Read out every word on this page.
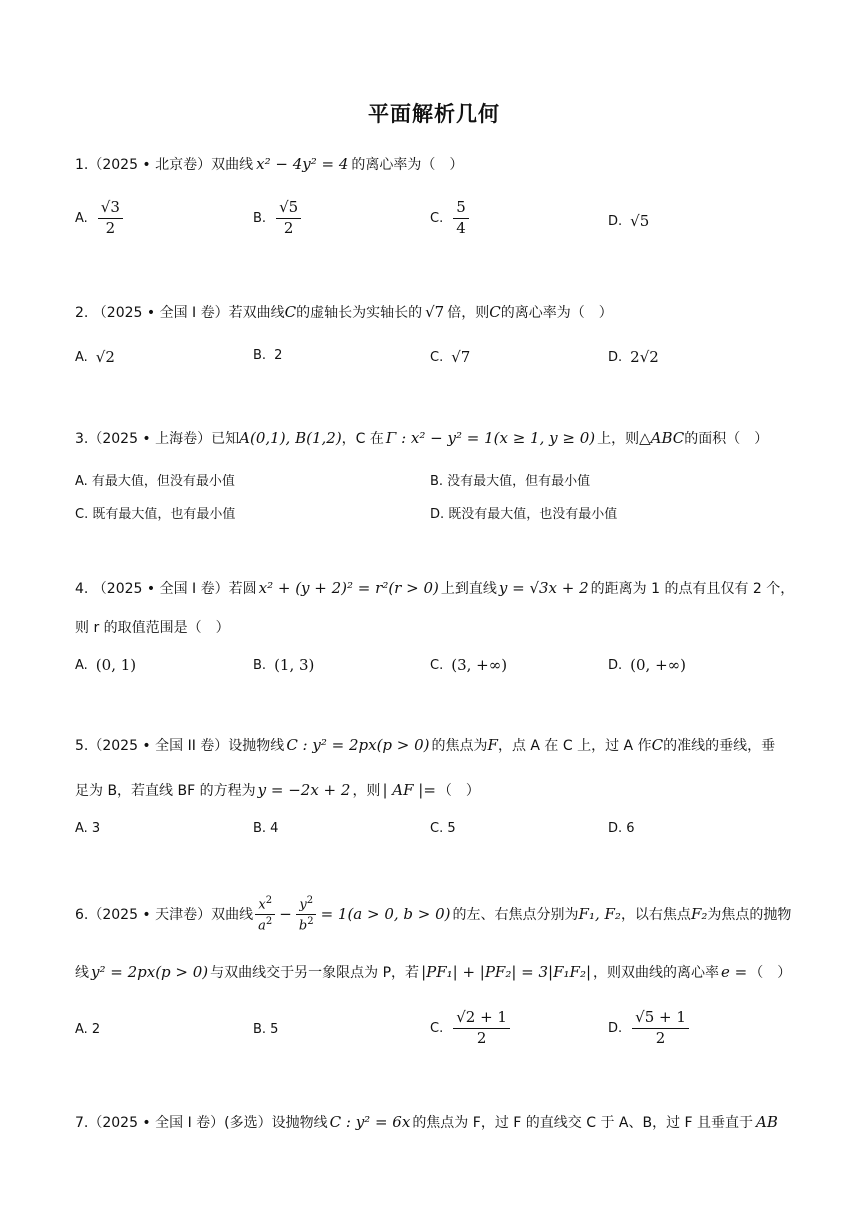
平面解析几何
1.（2025 • 北京卷）双曲线 x² − 4y² = 4 的离心率为（　）
A. $\frac{√3}{2}$	B. $\frac{√5}{2}$	C. $\frac{5}{4}$	D. √5
2. （2025 • 全国 I 卷）若双曲线 C 的虚轴长为实轴长的 √7 倍，则 C 的离心率为（　）
A. √2	B. 2	C. √7	D. 2√2
3.（2025 • 上海卷）已知 A(0,1), B(1,2) ，C 在 Γ : x² − y² = 1(x ≥ 1, y ≥ 0) 上，则 △ABC 的面积（　）
A. 有最大值，但没有最小值	B. 没有最大值，但有最小值
C. 既有最大值，也有最小值	D. 既没有最大值，也没有最小值
4. （2025 • 全国 I 卷）若圆 x² + (y + 2)² = r²(r > 0) 上到直线 y = √3x + 2 的距离为 1 的点有且仅有 2 个，
则 r 的取值范围是（　）
A. (0, 1)	B. (1, 3)	C. (3, +∞)	D. (0, +∞)
5.（2025 • 全国 II 卷）设抛物线 C : y² = 2px(p > 0) 的焦点为 F ，点 A 在 C 上，过 A 作 C 的准线的垂线，垂
足为 B，若直线 BF 的方程为 y = −2x + 2 ，则 | AF |= （　）
A. 3	B. 4	C. 5	D. 6
6.（2025 • 天津卷）双曲线 $\frac{x^2}{a^2} - \frac{y^2}{b^2} = 1(a > 0$, b > 0) 的左、右焦点分别为 F₁, F₂ ，以右焦点 F₂ 为焦点的抛物
线 y² = 2px(p > 0) 与双曲线交于另一象限点为 P，若 |PF₁| + |PF₂| = 3|F₁F₂| ，则双曲线的离心率 e = （　）
A. 2	B. 5	C. $\frac{√2 + 1}{2}$	D. $\frac{√5 + 1}{2}$
7.（2025 • 全国 I 卷）(多选）设抛物线 C : y² = 6x 的焦点为 F，过 F 的直线交 C 于 A、B，过 F 且垂直于 AB
